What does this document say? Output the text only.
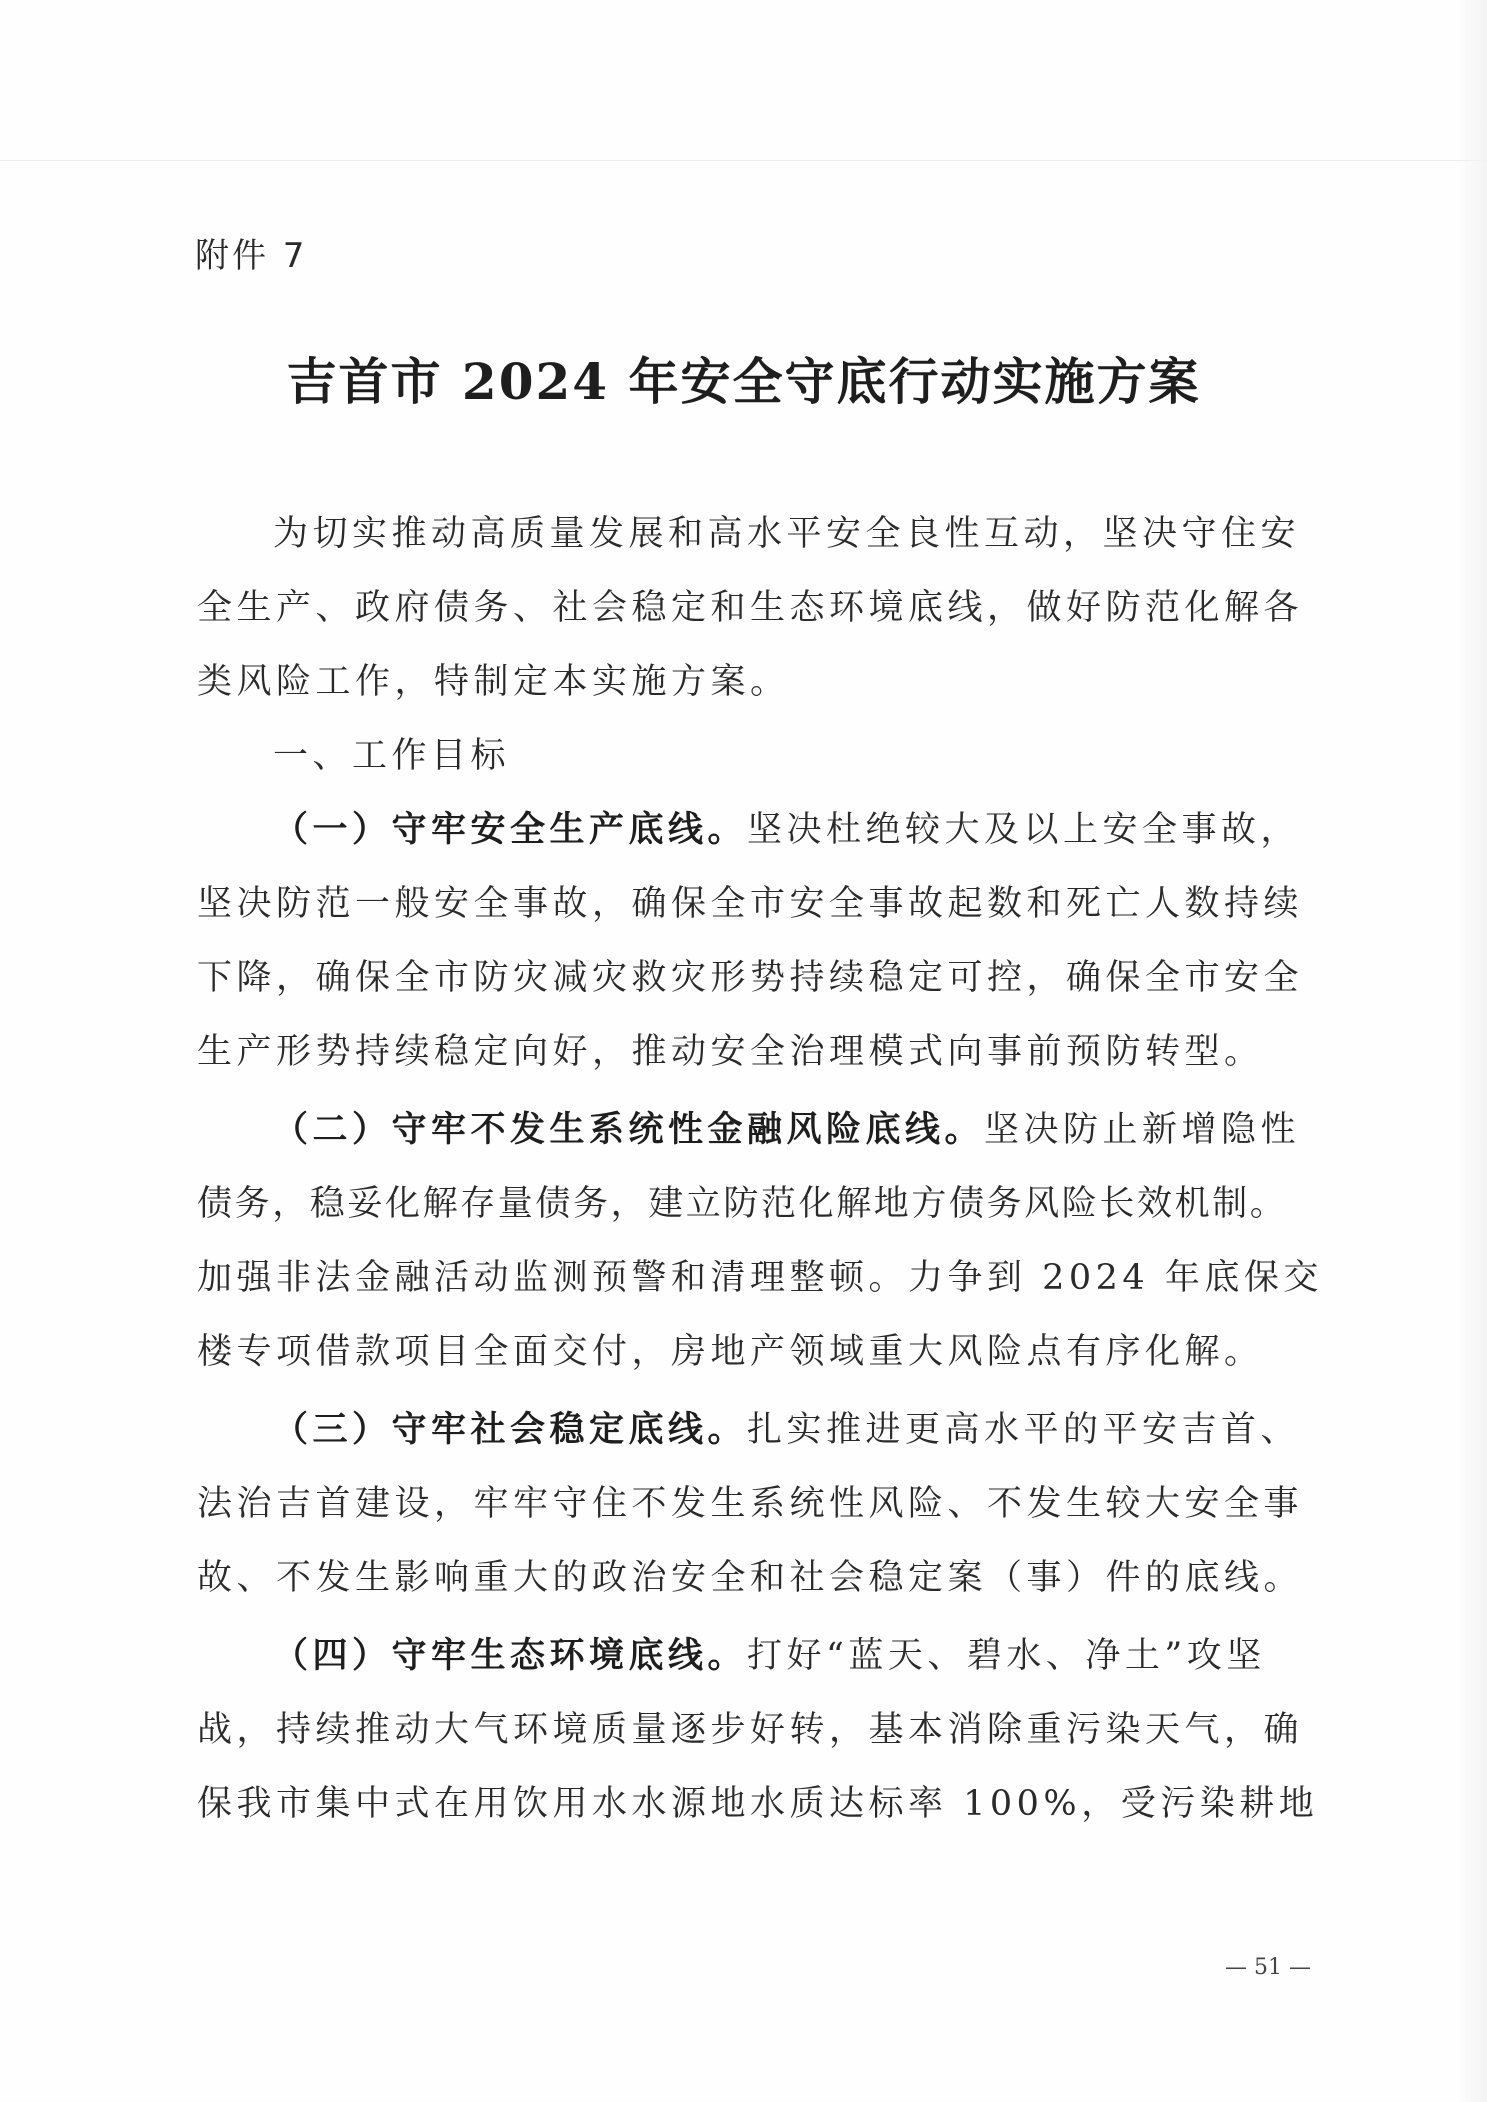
附件 7

吉首市 2024 年安全守底行动实施方案

为切实推动高质量发展和高水平安全良性互动，坚决守住安

全生产、政府债务、社会稳定和生态环境底线，做好防范化解各

类风险工作，特制定本实施方案。

一、工作目标

（一）守牢安全生产底线。坚决杜绝较大及以上安全事故，

坚决防范一般安全事故，确保全市安全事故起数和死亡人数持续

下降，确保全市防灾减灾救灾形势持续稳定可控，确保全市安全

生产形势持续稳定向好，推动安全治理模式向事前预防转型。

（二）守牢不发生系统性金融风险底线。坚决防止新增隐性

债务，稳妥化解存量债务，建立防范化解地方债务风险长效机制。

加强非法金融活动监测预警和清理整顿。力争到 2024 年底保交

楼专项借款项目全面交付，房地产领域重大风险点有序化解。

（三）守牢社会稳定底线。扎实推进更高水平的平安吉首、

法治吉首建设，牢牢守住不发生系统性风险、不发生较大安全事

故、不发生影响重大的政治安全和社会稳定案（事）件的底线。

（四）守牢生态环境底线。打好“蓝天、碧水、净土”攻坚

战，持续推动大气环境质量逐步好转，基本消除重污染天气，确

保我市集中式在用饮用水水源地水质达标率 100%，受污染耕地

— 51 —
